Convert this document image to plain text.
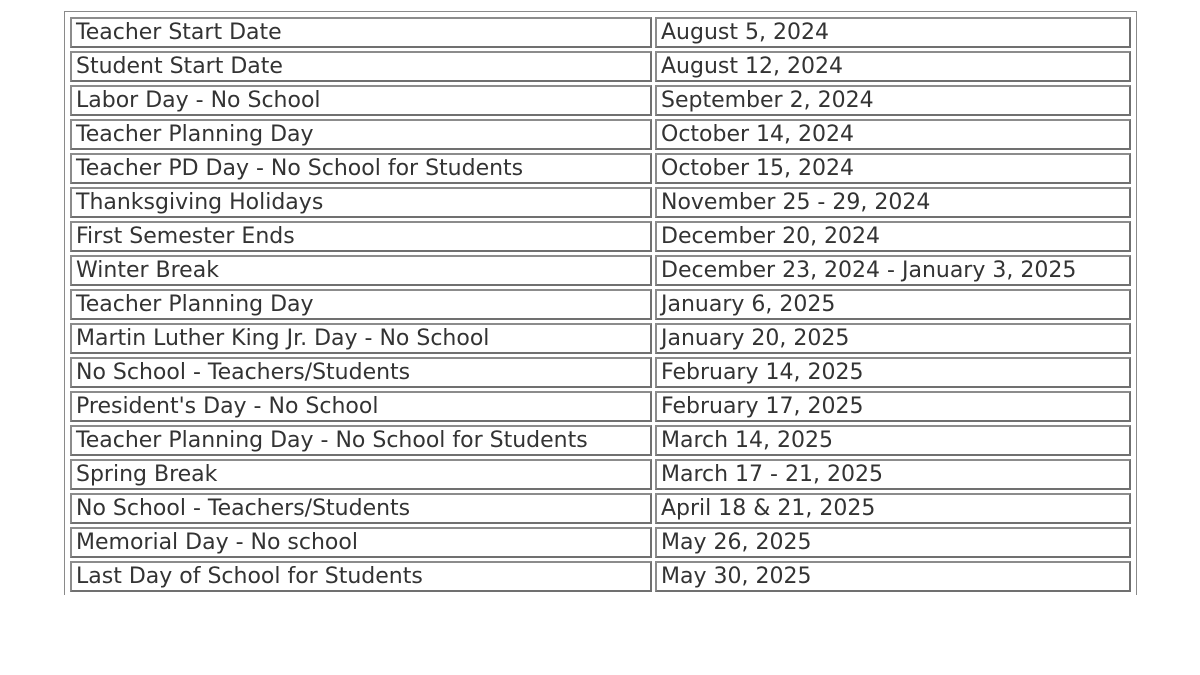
Teacher Start Date	August 5, 2024
Student Start Date	August 12, 2024
Labor Day - No School	September 2, 2024
Teacher Planning Day	October 14, 2024
Teacher PD Day - No School for Students	October 15, 2024
Thanksgiving Holidays	November 25 - 29, 2024
First Semester Ends	December 20, 2024
Winter Break	December 23, 2024 - January 3, 2025
Teacher Planning Day	January 6, 2025
Martin Luther King Jr. Day - No School	January 20, 2025
No School - Teachers/Students	February 14, 2025
President's Day - No School	February 17, 2025
Teacher Planning Day - No School for Students	March 14, 2025
Spring Break	March 17 - 21, 2025
No School - Teachers/Students	April 18 & 21, 2025
Memorial Day - No school	May 26, 2025
Last Day of School for Students	May 30, 2025
